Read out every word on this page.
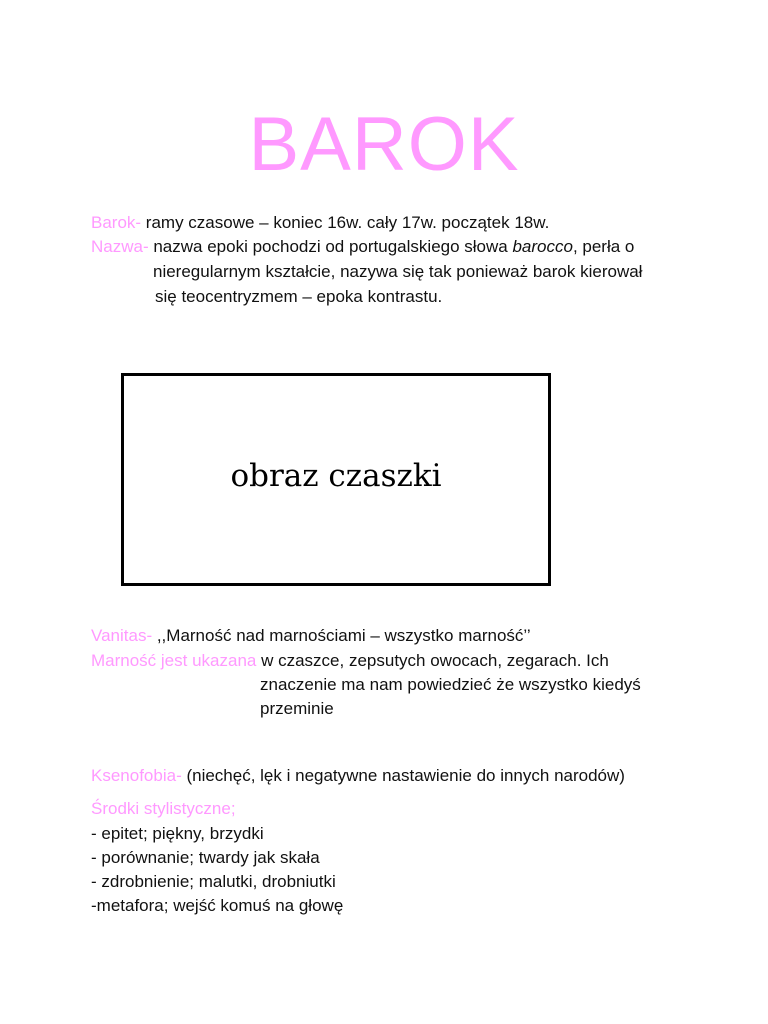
BAROK
Barok- ramy czasowe – koniec 16w. cały 17w. początek 18w.
Nazwa- nazwa epoki pochodzi od portugalskiego słowa barocco, perła o
nieregularnym kształcie, nazywa się tak ponieważ barok kierował
się teocentryzmem – epoka kontrastu.
obraz czaszki
Vanitas- ,,Marność nad marnościami – wszystko marność’’
Marność jest ukazana w czaszce, zepsutych owocach, zegarach. Ich
znaczenie ma nam powiedzieć że wszystko kiedyś
przeminie
Ksenofobia- (niechęć, lęk i negatywne nastawienie do innych narodów)
Środki stylistyczne;
- epitet; piękny, brzydki
- porównanie; twardy jak skała
- zdrobnienie; malutki, drobniutki
-metafora; wejść komuś na głowę
